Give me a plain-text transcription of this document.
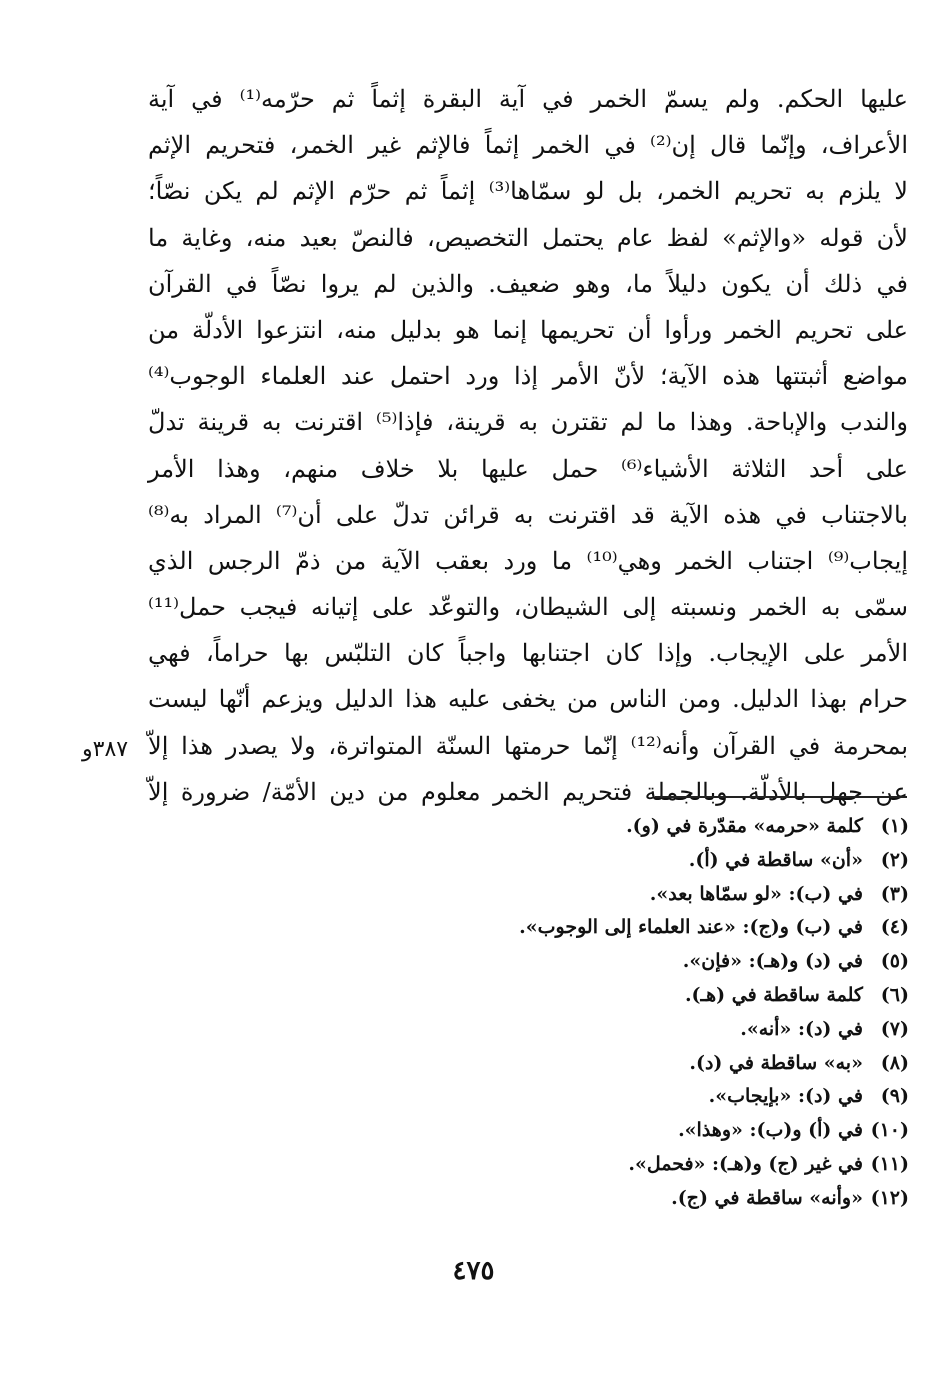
عليها الحكم. ولم يسمّ الخمر في آية البقرة إثماً ثم حرّمه⁽¹⁾ في آية
الأعراف، وإنّما قال إن⁽²⁾ في الخمر إثماً فالإثم غير الخمر، فتحريم الإثم
لا يلزم به تحريم الخمر، بل لو سمّاها⁽³⁾ إثماً ثم حرّم الإثم لم يكن نصّاً؛
لأن قوله «والإثم» لفظ عام يحتمل التخصيص، فالنصّ بعيد منه، وغاية ما
في ذلك أن يكون دليلاً ما، وهو ضعيف. والذين لم يروا نصّاً في القرآن
على تحريم الخمر ورأوا أن تحريمها إنما هو بدليل منه، انتزعوا الأدلّة من
مواضع أثبتتها هذه الآية؛ لأنّ الأمر إذا ورد احتمل عند العلماء الوجوب⁽⁴⁾
والندب والإباحة. وهذا ما لم تقترن به قرينة، فإذا⁽⁵⁾ اقترنت به قرينة تدلّ
على أحد الثلاثة الأشياء⁽⁶⁾ حمل عليها بلا خلاف منهم، وهذا الأمر
بالاجتناب في هذه الآية قد اقترنت به قرائن تدلّ على أن⁽⁷⁾ المراد به⁽⁸⁾
إيجاب⁽⁹⁾ اجتناب الخمر وهي⁽¹⁰⁾ ما ورد بعقب الآية من ذمّ الرجس الذي
سمّى به الخمر ونسبته إلى الشيطان، والتوعّد على إتيانه فيجب حمل⁽¹¹⁾
الأمر على الإيجاب. وإذا كان اجتنابها واجباً كان التلبّس بها حراماً، فهي
حرام بهذا الدليل. ومن الناس من يخفى عليه هذا الدليل ويزعم أنّها ليست
بمحرمة في القرآن وأنه⁽¹²⁾ إنّما حرمتها السنّة المتواترة، ولا يصدر هذا إلاّ
عن جهل بالأدلّة. وبالجملة فتحريم الخمر معلوم من دين الأمّة/ ضرورة إلاّ
٣٨٧و
(١) كلمة «حرمه» مقدّرة في (و).
(٢) «أن» ساقطة في (أ).
(٣) في (ب): «لو سمّاها بعد».
(٤) في (ب) و(ج): «عند العلماء إلى الوجوب».
(٥) في (د) و(هـ): «فإن».
(٦) كلمة ساقطة في (هـ).
(٧) في (د): «أنه».
(٨) «به» ساقطة في (د).
(٩) في (د): «بإيجاب».
(١٠) في (أ) و(ب): «وهذا».
(١١) في غير (ج) و(هـ): «فحمل».
(١٢) «وأنه» ساقطة في (ج).
٤٧٥
